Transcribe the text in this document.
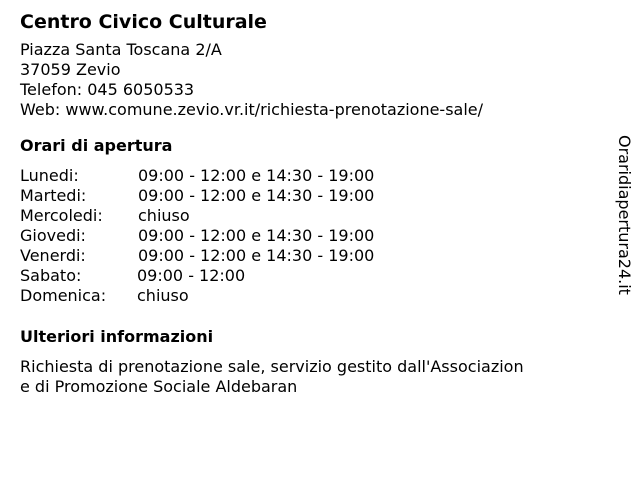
Centro Civico Culturale
Piazza Santa Toscana 2/A
37059 Zevio
Telefon: 045 6050533
Web: www.comune.zevio.vr.it/richiesta-prenotazione-sale/
Orari di apertura
Lunedi:	09:00 - 12:00 e 14:30 - 19:00
Martedi:	09:00 - 12:00 e 14:30 - 19:00
Mercoledi: chiuso
Giovedi:	09:00 - 12:00 e 14:30 - 19:00
Venerdi:	09:00 - 12:00 e 14:30 - 19:00
Sabato:	09:00 - 12:00
Domenica: chiuso
Ulteriori informazioni
Richiesta di prenotazione sale, servizio gestito dall'Associazion
e di Promozione Sociale Aldebaran
Oraridiapertura24.it
